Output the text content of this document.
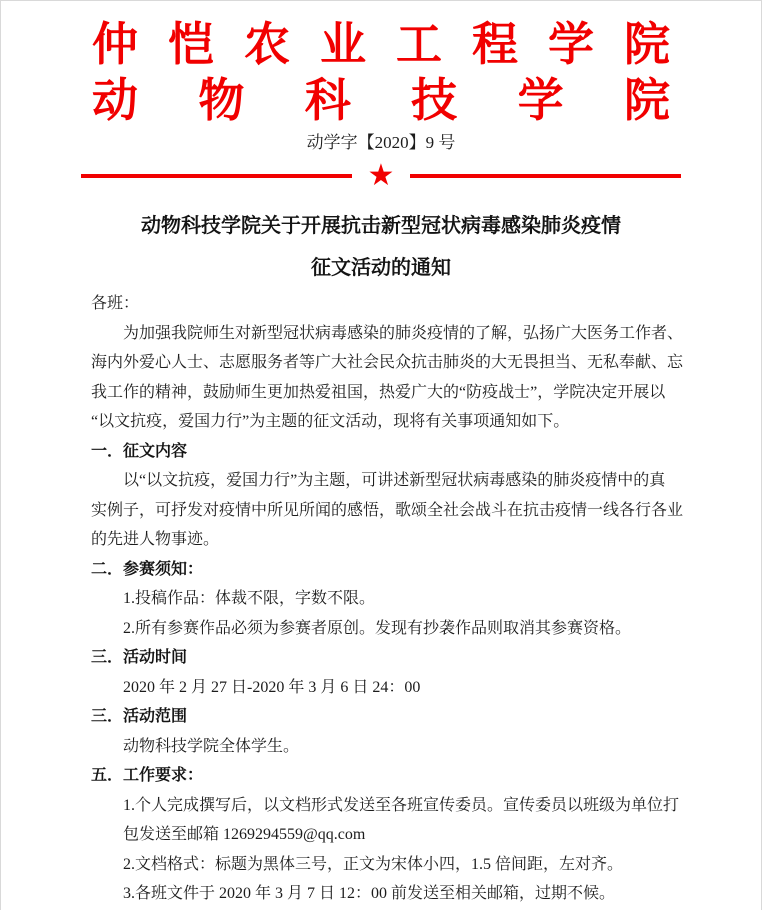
仲 恺 农 业 工 程 学 院
动 物 科 技 学 院
动学字【2020】9 号
★
动物科技学院关于开展抗击新型冠状病毒感染肺炎疫情
征文活动的通知
各班：
为加强我院师生对新型冠状病毒感染的肺炎疫情的了解，弘扬广大医务工作者、
海内外爱心人士、志愿服务者等广大社会民众抗击肺炎的大无畏担当、无私奉献、忘
我工作的精神，鼓励师生更加热爱祖国，热爱广大的“防疫战士”，学院决定开展以
“以文抗疫，爱国力行”为主题的征文活动，现将有关事项通知如下。
一．征文内容
以“以文抗疫，爱国力行”为主题，可讲述新型冠状病毒感染的肺炎疫情中的真
实例子，可抒发对疫情中所见所闻的感悟，歌颂全社会战斗在抗击疫情一线各行各业
的先进人物事迹。
二．参赛须知：
1.投稿作品：体裁不限，字数不限。
2.所有参赛作品必须为参赛者原创。发现有抄袭作品则取消其参赛资格。
三．活动时间
2020 年 2 月 27 日-2020 年 3 月 6 日 24：00
三．活动范围
动物科技学院全体学生。
五．工作要求：
1.个人完成撰写后，以文档形式发送至各班宣传委员。宣传委员以班级为单位打
包发送至邮箱 1269294559@qq.com
2.文档格式：标题为黑体三号，正文为宋体小四，1.5 倍间距，左对齐。
3.各班文件于 2020 年 3 月 7 日 12：00 前发送至相关邮箱，过期不候。
